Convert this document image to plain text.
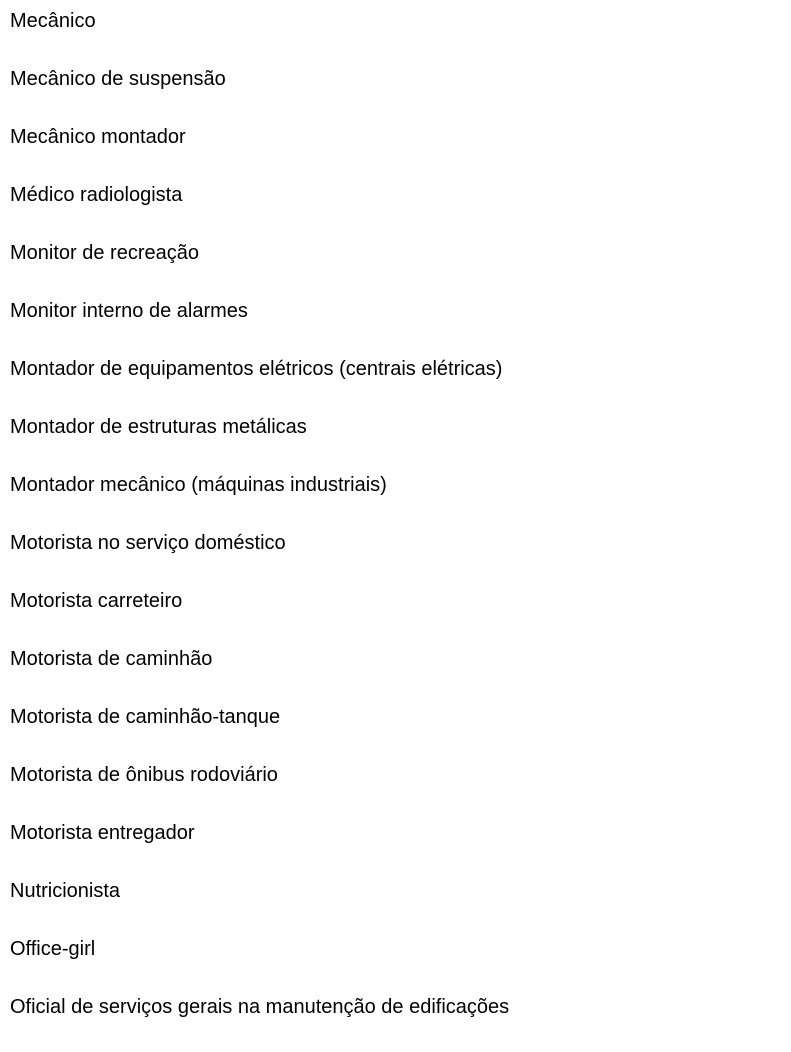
Mecânico
Mecânico de suspensão
Mecânico montador
Médico radiologista
Monitor de recreação
Monitor interno de alarmes
Montador de equipamentos elétricos (centrais elétricas)
Montador de estruturas metálicas
Montador mecânico (máquinas industriais)
Motorista no serviço doméstico
Motorista carreteiro
Motorista de caminhão
Motorista de caminhão-tanque
Motorista de ônibus rodoviário
Motorista entregador
Nutricionista
Office-girl
Oficial de serviços gerais na manutenção de edificações
